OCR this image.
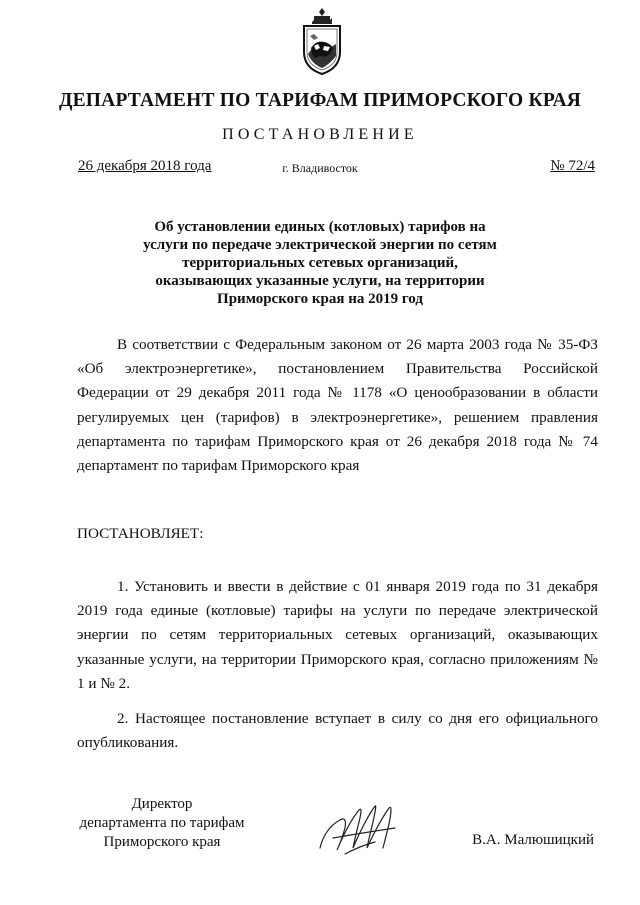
ДЕПАРТАМЕНТ ПО ТАРИФАМ ПРИМОРСКОГО КРАЯ
ПОСТАНОВЛЕНИЕ
26 декабря 2018 года	г. Владивосток	№ 72/4
Об установлении единых (котловых) тарифов на
услуги по передаче электрической энергии по сетям
территориальных сетевых организаций,
оказывающих указанные услуги, на территории
Приморского края на 2019 год

В соответствии с Федеральным законом от 26 марта 2003 года № 35-ФЗ «Об электроэнергетике», постановлением Правительства Российской Федерации от 29 декабря 2011 года № 1178 «О ценообразовании в области регулируемых цен (тарифов) в электроэнергетике», решением правления департамента по тарифам Приморского края от 26 декабря 2018 года № 74 департамент по тарифам Приморского края

ПОСТАНОВЛЯЕТ:

1. Установить и ввести в действие с 01 января 2019 года по 31 декабря 2019 года единые (котловые) тарифы на услуги по передаче электрической энергии по сетям территориальных сетевых организаций, оказывающих указанные услуги, на территории Приморского края, согласно приложениям № 1 и № 2.

2. Настоящее постановление вступает в силу со дня его официального опубликования.

Директор
департамента по тарифам
Приморского края	В.А. Малюшицкий
